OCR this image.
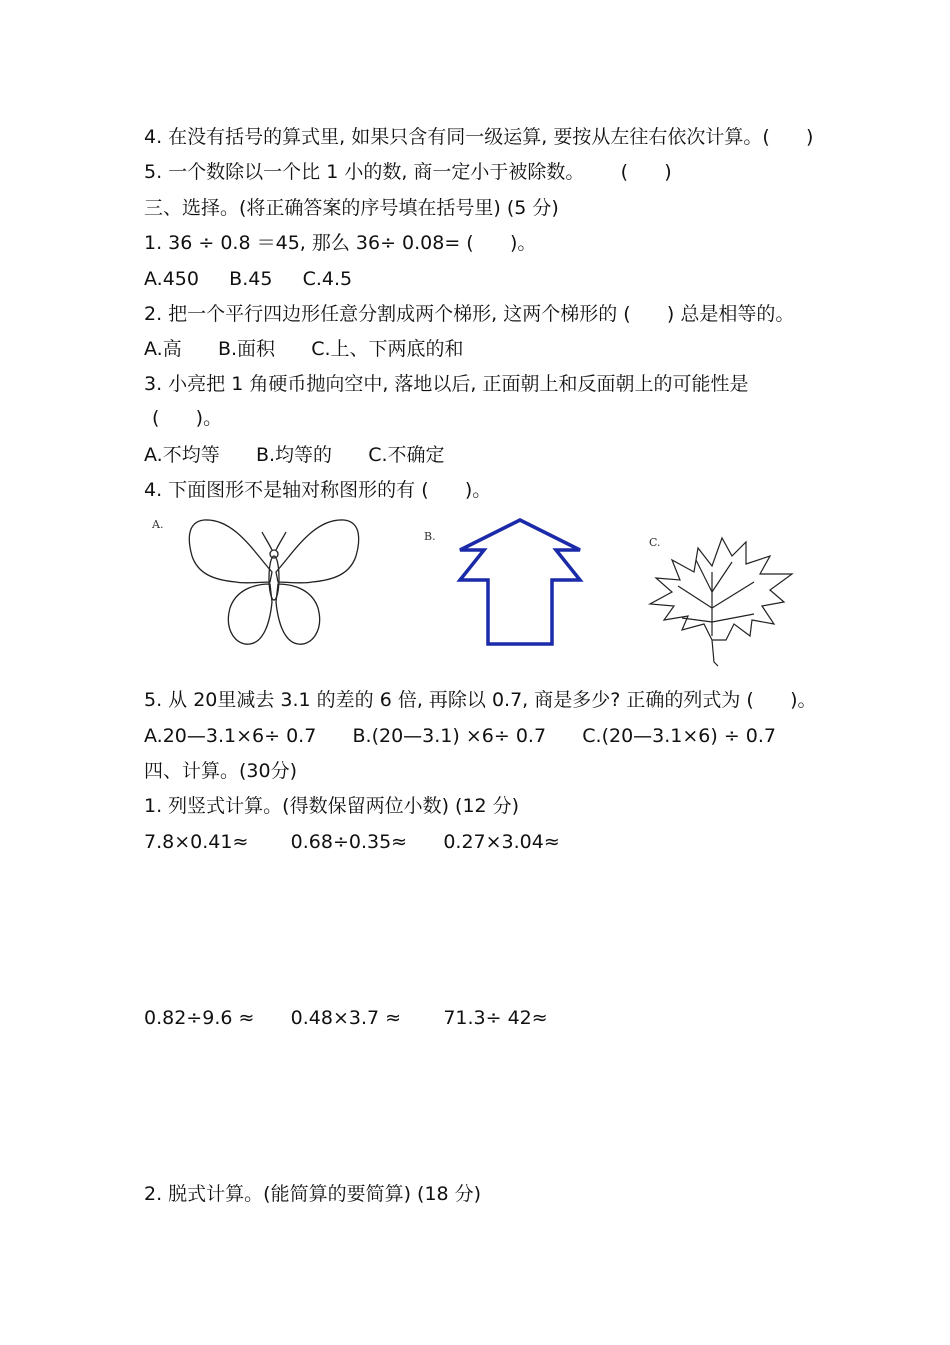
4. 在没有括号的算式里, 如果只含有同一级运算, 要按从左往右依次计算。(      )
5. 一个数除以一个比 1 小的数, 商一定小于被除数。      (      )
三、选择。(将正确答案的序号填在括号里) (5 分)
1. 36 ÷ 0.8 ＝45, 那么 36÷ 0.08= (      )。
A.450     B.45     C.4.5
2. 把一个平行四边形任意分割成两个梯形, 这两个梯形的 (      ) 总是相等的。
A.高      B.面积      C.上、下两底的和
3. 小亮把 1 角硬币抛向空中, 落地以后, 正面朝上和反面朝上的可能性是
(      )。
A.不均等      B.均等的      C.不确定
4. 下面图形不是轴对称图形的有 (      )。
A.
B.	C.
5. 从 20里减去 3.1 的差的 6 倍, 再除以 0.7, 商是多少? 正确的列式为 (      )。
A.20—3.1×6÷ 0.7      B.(20—3.1) ×6÷ 0.7      C.(20—3.1×6) ÷ 0.7
四、计算。(30分)
1. 列竖式计算。(得数保留两位小数) (12 分)
7.8×0.41≈       0.68÷0.35≈      0.27×3.04≈
0.82÷9.6 ≈      0.48×3.7 ≈       71.3÷ 42≈
2. 脱式计算。(能简算的要简算) (18 分)
